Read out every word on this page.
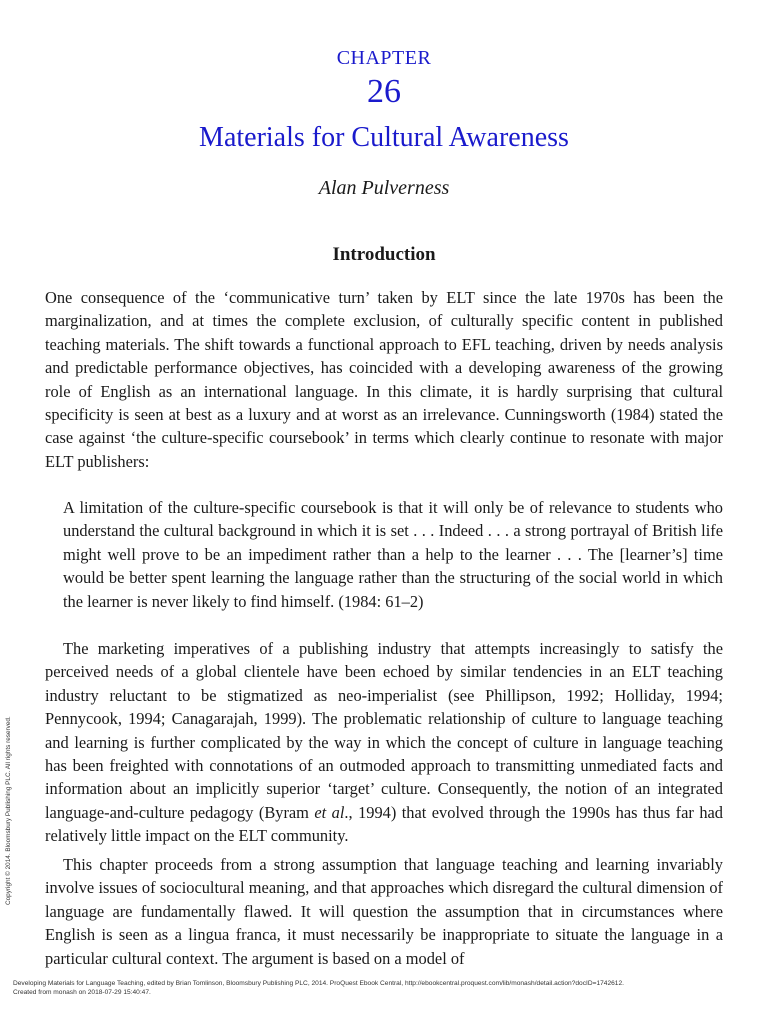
CHAPTER
26
Materials for Cultural Awareness
Alan Pulverness
Introduction

One consequence of the ‘communicative turn’ taken by ELT since the late 1970s has been the marginalization, and at times the complete exclusion, of culturally specific content in published teaching materials. The shift towards a functional approach to EFL teaching, driven by needs analysis and predictable performance objectives, has coincided with a developing awareness of the growing role of English as an international language. In this climate, it is hardly surprising that cultural specificity is seen at best as a luxury and at worst as an irrelevance. Cunningsworth (1984) stated the case against ‘the culture-specific coursebook’ in terms which clearly continue to resonate with major ELT publishers:

A limitation of the culture-specific coursebook is that it will only be of relevance to students who understand the cultural background in which it is set . . . Indeed . . . a strong portrayal of British life might well prove to be an impediment rather than a help to the learner . . . The [learner’s] time would be better spent learning the language rather than the structuring of the social world in which the learner is never likely to find himself. (1984: 61–2)

The marketing imperatives of a publishing industry that attempts increasingly to satisfy the perceived needs of a global clientele have been echoed by similar tendencies in an ELT teaching industry reluctant to be stigmatized as neo-imperialist (see Phillipson, 1992; Holliday, 1994; Pennycook, 1994; Canagarajah, 1999). The problematic relationship of culture to language teaching and learning is further complicated by the way in which the concept of culture in language teaching has been freighted with connotations of an outmoded approach to transmitting unmediated facts and information about an implicitly superior ‘target’ culture. Consequently, the notion of an integrated language-and-culture pedagogy (Byram et al., 1994) that evolved through the 1990s has thus far had relatively little impact on the ELT community.

This chapter proceeds from a strong assumption that language teaching and learning invariably involve issues of sociocultural meaning, and that approaches which disregard the cultural dimension of language are fundamentally flawed. It will question the assumption that in circumstances where English is seen as a lingua franca, it must necessarily be inappropriate to situate the language in a particular cultural context. The argument is based on a model of

Copyright © 2014. Bloomsbury Publishing PLC. All rights reserved.
Developing Materials for Language Teaching, edited by Brian Tomlinson, Bloomsbury Publishing PLC, 2014. ProQuest Ebook Central, http://ebookcentral.proquest.com/lib/monash/detail.action?docID=1742612.
Created from monash on 2018-07-29 15:40:47.
